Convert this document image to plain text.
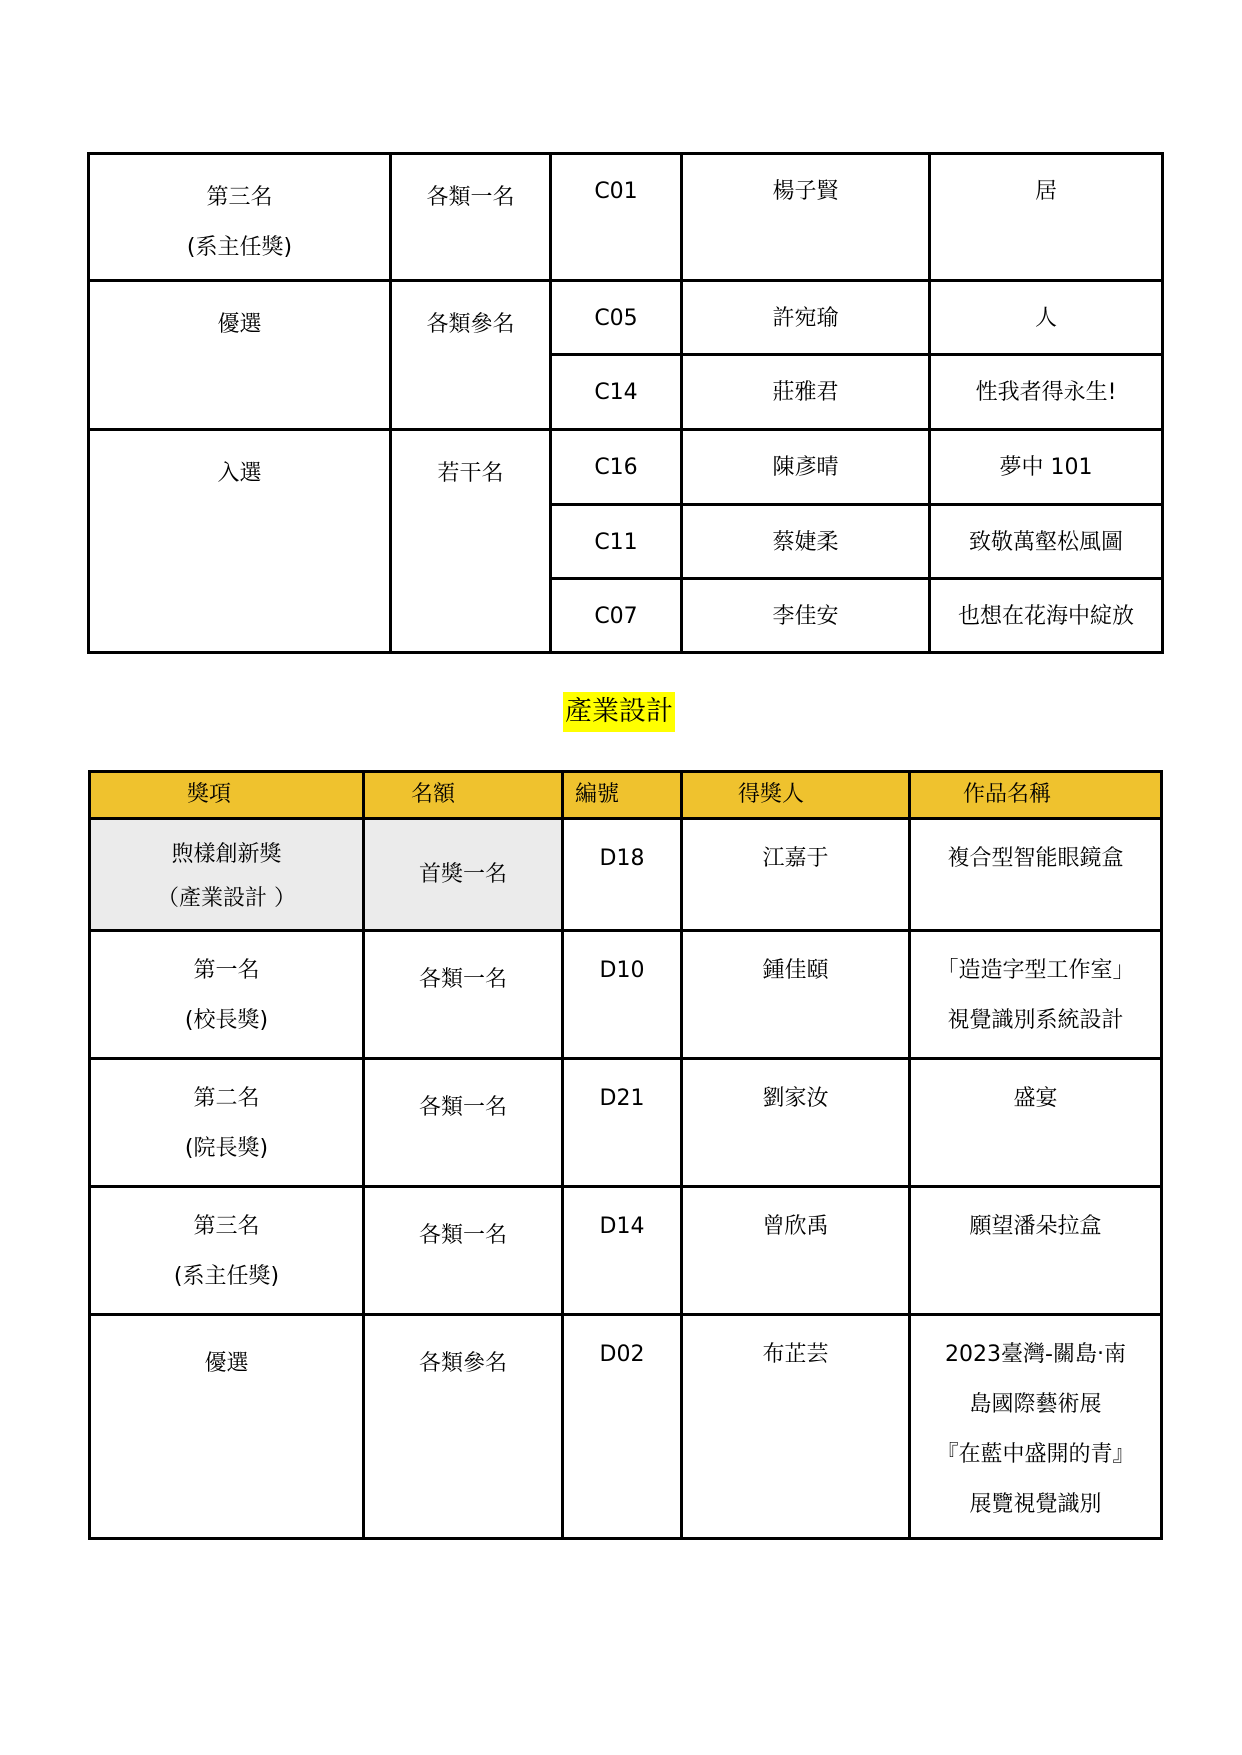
第三名
(系主任獎)	各類一名	C01	楊子賢	居

優選	各類參名	C05	許宛瑜	人

		C14	莊雅君	性我者得永生!

入選	若干名	C16	陳彥晴	夢中 101

		C11	蔡婕柔	致敬萬壑松風圖

		C07	李佳安	也想在花海中綻放
產業設計
獎項	名額	編號	得獎人	作品名稱

煦樣創新獎
（產業設計 ）	首獎一名	D18	江嘉于	複合型智能眼鏡盒

第一名
(校長獎)	各類一名	D10	鍾佳頤	「造造字型工作室」
視覺識別系統設計

第二名
(院長獎)	各類一名	D21	劉家汝	盛宴

第三名
(系主任獎)	各類一名	D14	曾欣禹	願望潘朵拉盒
優選	各類參名	D02	布芷芸	2023臺灣-關島‧南
島國際藝術展
『在藍中盛開的青』
展覽視覺識別
